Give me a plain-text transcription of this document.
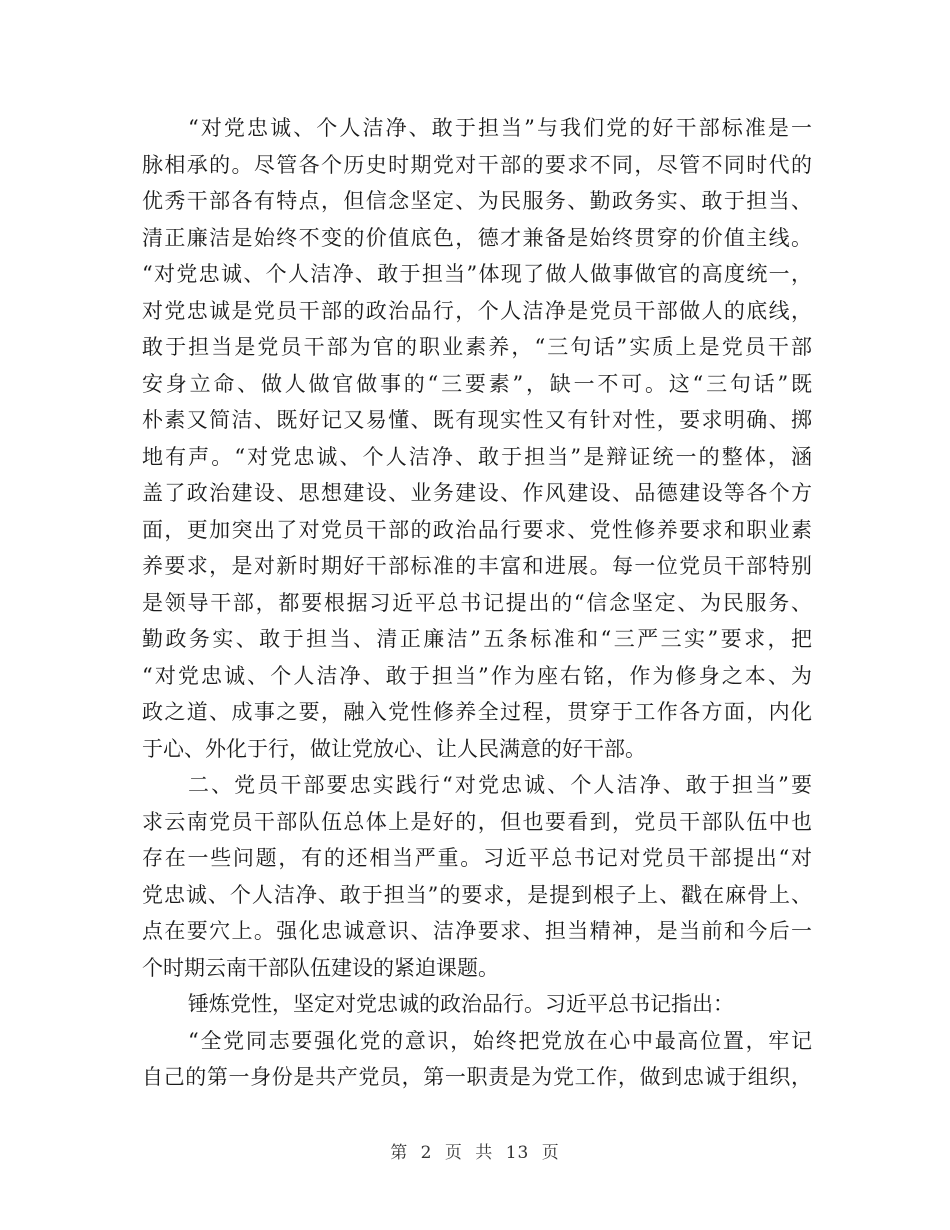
“对党忠诚、个人洁净、敢于担当”与我们党的好干部标准是一
脉相承的。尽管各个历史时期党对干部的要求不同，尽管不同时代的
优秀干部各有特点，但信念坚定、为民服务、勤政务实、敢于担当、
清正廉洁是始终不变的价值底色，德才兼备是始终贯穿的价值主线。
“对党忠诚、个人洁净、敢于担当”体现了做人做事做官的高度统一，
对党忠诚是党员干部的政治品行，个人洁净是党员干部做人的底线，
敢于担当是党员干部为官的职业素养，“三句话”实质上是党员干部
安身立命、做人做官做事的“三要素”，缺一不可。这“三句话”既
朴素又简洁、既好记又易懂、既有现实性又有针对性，要求明确、掷
地有声。“对党忠诚、个人洁净、敢于担当”是辩证统一的整体，涵
盖了政治建设、思想建设、业务建设、作风建设、品德建设等各个方
面，更加突出了对党员干部的政治品行要求、党性修养要求和职业素
养要求，是对新时期好干部标准的丰富和进展。每一位党员干部特别
是领导干部，都要根据习近平总书记提出的“信念坚定、为民服务、
勤政务实、敢于担当、清正廉洁”五条标准和“三严三实”要求，把
“对党忠诚、个人洁净、敢于担当”作为座右铭，作为修身之本、为
政之道、成事之要，融入党性修养全过程，贯穿于工作各方面，内化
于心、外化于行，做让党放心、让人民满意的好干部。
二、党员干部要忠实践行“对党忠诚、个人洁净、敢于担当”要
求云南党员干部队伍总体上是好的，但也要看到，党员干部队伍中也
存在一些问题，有的还相当严重。习近平总书记对党员干部提出“对
党忠诚、个人洁净、敢于担当”的要求，是提到根子上、戳在麻骨上、
点在要穴上。强化忠诚意识、洁净要求、担当精神，是当前和今后一
个时期云南干部队伍建设的紧迫课题。
锤炼党性，坚定对党忠诚的政治品行。习近平总书记指出：
“全党同志要强化党的意识，始终把党放在心中最高位置，牢记
自己的第一身份是共产党员，第一职责是为党工作，做到忠诚于组织，
第 2 页 共 13 页
